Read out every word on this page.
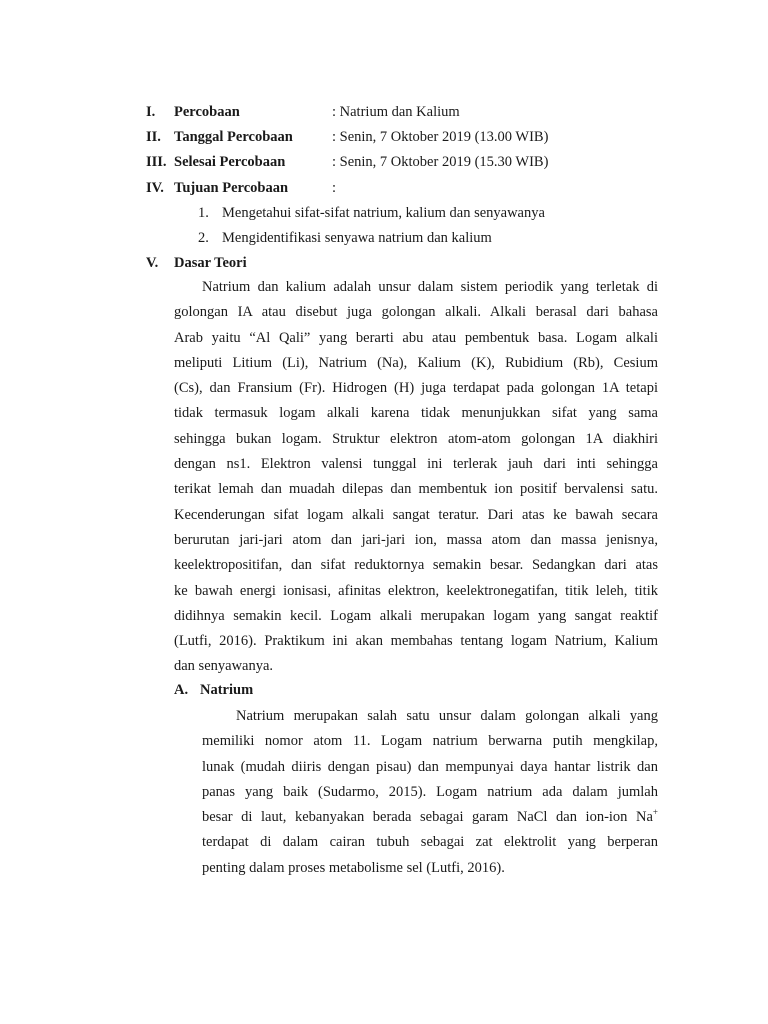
I. Percobaan	: Natrium dan Kalium
II. Tanggal Percobaan	: Senin, 7 Oktober 2019 (13.00 WIB)
III. Selesai Percobaan	: Senin, 7 Oktober 2019 (15.30 WIB)
IV. Tujuan Percobaan	:
1. Mengetahui sifat-sifat natrium, kalium dan senyawanya
2. Mengidentifikasi senyawa natrium dan kalium
V. Dasar Teori
Natrium dan kalium adalah unsur dalam sistem periodik yang terletak di
golongan IA atau disebut juga golongan alkali. Alkali berasal dari bahasa
Arab yaitu “Al Qali” yang berarti abu atau pembentuk basa. Logam alkali
meliputi Litium (Li), Natrium (Na), Kalium (K), Rubidium (Rb), Cesium
(Cs), dan Fransium (Fr). Hidrogen (H) juga terdapat pada golongan 1A tetapi
tidak termasuk logam alkali karena tidak menunjukkan sifat yang sama
sehingga bukan logam. Struktur elektron atom-atom golongan 1A diakhiri
dengan ns1. Elektron valensi tunggal ini terlerak jauh dari inti sehingga
terikat lemah dan muadah dilepas dan membentuk ion positif bervalensi satu.
Kecenderungan sifat logam alkali sangat teratur. Dari atas ke bawah secara
berurutan jari-jari atom dan jari-jari ion, massa atom dan massa jenisnya,
keelektropositifan, dan sifat reduktornya semakin besar. Sedangkan dari atas
ke bawah energi ionisasi, afinitas elektron, keelektronegatifan, titik leleh, titik
didihnya semakin kecil. Logam alkali merupakan logam yang sangat reaktif
(Lutfi, 2016). Praktikum ini akan membahas tentang logam Natrium, Kalium
dan senyawanya.
A. Natrium
Natrium merupakan salah satu unsur dalam golongan alkali yang
memiliki nomor atom 11. Logam natrium berwarna putih mengkilap,
lunak (mudah diiris dengan pisau) dan mempunyai daya hantar listrik dan
panas yang baik (Sudarmo, 2015). Logam natrium ada dalam jumlah
besar di laut, kebanyakan berada sebagai garam NaCl dan ion-ion Na+
terdapat di dalam cairan tubuh sebagai zat elektrolit yang berperan
penting dalam proses metabolisme sel (Lutfi, 2016).
